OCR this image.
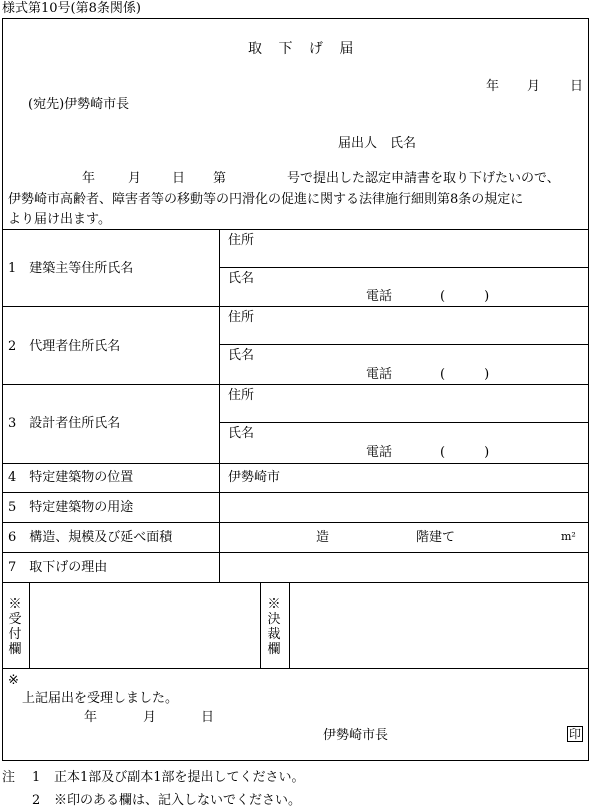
様式第10号(第8条関係)
取 下 げ 届
年 月 日
(宛先)伊勢崎市長
届出人　氏名
年	月 日 第	号で提出した認定申請書を取り下げたいので、
伊勢崎市高齢者、障害者等の移動等の円滑化の促進に関する法律施行細則第8条の規定に
より届け出ます。
1　建築主等住所氏名
住所
氏名
電話	(　　　)
2　代理者住所氏名
住所
氏名
電話	(　　　)
3　設計者住所氏名
住所
氏名
電話	(　　　)
4　特定建築物の位置	伊勢崎市
5　特定建築物の用途
6　構造、規模及び延べ面積	造	階建て	m²
7　取下げの理由
※受付欄
※決裁欄
※
上記届出を受理しました。
年	月	日
伊勢崎市長	印
注 1 正本1部及び副本1部を提出してください。
2 ※印のある欄は、記入しないでください。
